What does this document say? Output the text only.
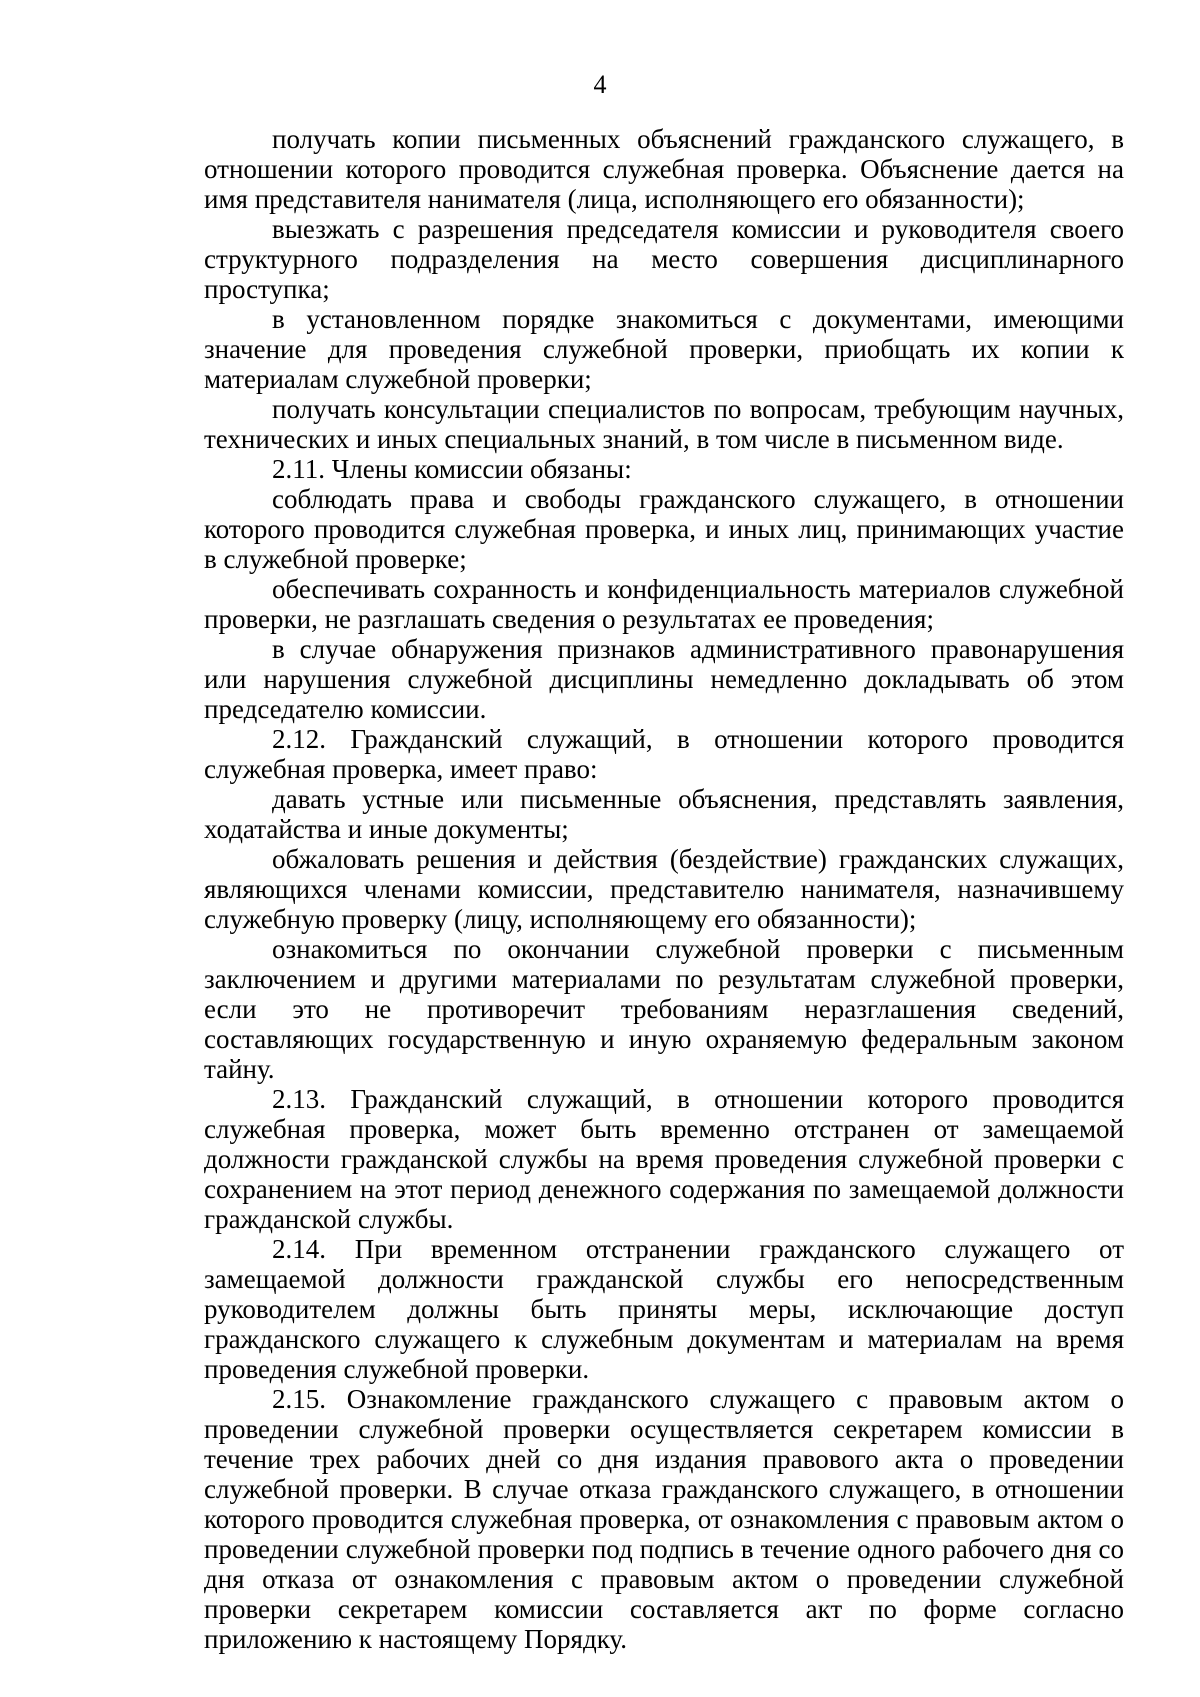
4

получать копии письменных объяснений гражданского служащего, в отношении которого проводится служебная проверка. Объяснение дается на имя представителя нанимателя (лица, исполняющего его обязанности);

выезжать с разрешения председателя комиссии и руководителя своего структурного подразделения на место совершения дисциплинарного проступка;

в установленном порядке знакомиться с документами, имеющими значение для проведения служебной проверки, приобщать их копии к материалам служебной проверки;

получать консультации специалистов по вопросам, требующим научных, технических и иных специальных знаний, в том числе в письменном виде.

2.11. Члены комиссии обязаны:

соблюдать права и свободы гражданского служащего, в отношении которого проводится служебная проверка, и иных лиц, принимающих участие в служебной проверке;

обеспечивать сохранность и конфиденциальность материалов служебной проверки, не разглашать сведения о результатах ее проведения;

в случае обнаружения признаков административного правонарушения или нарушения служебной дисциплины немедленно докладывать об этом председателю комиссии.

2.12. Гражданский служащий, в отношении которого проводится служебная проверка, имеет право:

давать устные или письменные объяснения, представлять заявления, ходатайства и иные документы;

обжаловать решения и действия (бездействие) гражданских служащих, являющихся членами комиссии, представителю нанимателя, назначившему служебную проверку (лицу, исполняющему его обязанности);

ознакомиться по окончании служебной проверки с письменным заключением и другими материалами по результатам служебной проверки, если это не противоречит требованиям неразглашения сведений, составляющих государственную и иную охраняемую федеральным законом тайну.

2.13. Гражданский служащий, в отношении которого проводится служебная проверка, может быть временно отстранен от замещаемой должности гражданской службы на время проведения служебной проверки с сохранением на этот период денежного содержания по замещаемой должности гражданской службы.

2.14. При временном отстранении гражданского служащего от замещаемой должности гражданской службы его непосредственным руководителем должны быть приняты меры, исключающие доступ гражданского служащего к служебным документам и материалам на время проведения служебной проверки.

2.15. Ознакомление гражданского служащего с правовым актом о проведении служебной проверки осуществляется секретарем комиссии в течение трех рабочих дней со дня издания правового акта о проведении служебной проверки. В случае отказа гражданского служащего, в отношении которого проводится служебная проверка, от ознакомления с правовым актом о проведении служебной проверки под подпись в течение одного рабочего дня со дня отказа от ознакомления с правовым актом о проведении служебной проверки секретарем комиссии составляется акт по форме согласно приложению к настоящему Порядку.
